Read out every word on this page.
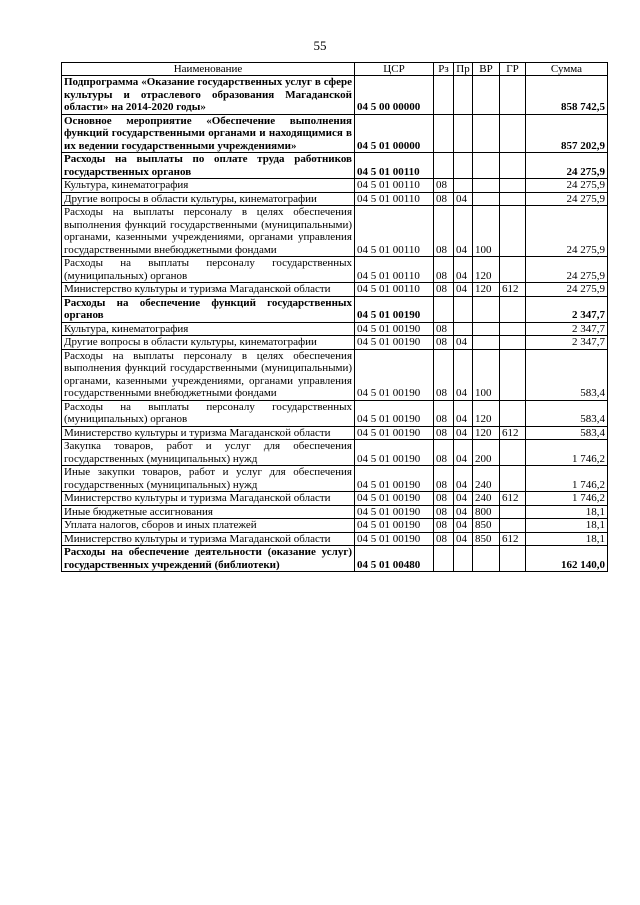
55
Наименование	ЦСР	Рз	Пр	ВР	ГР	Сумма
Подпрограмма «Оказание государственных услуг в сфере культуры и отраслевого образования Магаданской области» на 2014-2020 годы»	04 5 00 00000					858 742,5
Основное мероприятие «Обеспечение выполнения функций государственными органами и находящимися в их ведении государственными учреждениями»	04 5 01 00000					857 202,9
Расходы на выплаты по оплате труда работников государственных органов	04 5 01 00110					24 275,9
Культура, кинематография	04 5 01 00110	08				24 275,9
Другие вопросы в области культуры, кинематографии	04 5 01 00110	08	04			24 275,9
Расходы на выплаты персоналу в целях обеспечения выполнения функций государственными (муниципальными) органами, казенными учреждениями, органами управления государственными внебюджетными фондами	04 5 01 00110	08	04	100		24 275,9
Расходы на выплаты персоналу государственных (муниципальных) органов	04 5 01 00110	08	04	120		24 275,9
Министерство культуры и туризма Магаданской области	04 5 01 00110	08	04	120	612	24 275,9
Расходы на обеспечение функций государственных органов	04 5 01 00190					2 347,7
Культура, кинематография	04 5 01 00190	08				2 347,7
Другие вопросы в области культуры, кинематографии	04 5 01 00190	08	04			2 347,7
Расходы на выплаты персоналу в целях обеспечения выполнения функций государственными (муниципальными) органами, казенными учреждениями, органами управления государственными внебюджетными фондами	04 5 01 00190	08	04	100		583,4
Расходы на выплаты персоналу государственных (муниципальных) органов	04 5 01 00190	08	04	120		583,4
Министерство культуры и туризма Магаданской области	04 5 01 00190	08	04	120	612	583,4
Закупка товаров, работ и услуг для обеспечения государственных (муниципальных) нужд	04 5 01 00190	08	04	200		1 746,2
Иные закупки товаров, работ и услуг для обеспечения государственных (муниципальных) нужд	04 5 01 00190	08	04	240		1 746,2
Министерство культуры и туризма Магаданской области	04 5 01 00190	08	04	240	612	1 746,2
Иные бюджетные ассигнования	04 5 01 00190	08	04	800		18,1
Уплата налогов, сборов и иных платежей	04 5 01 00190	08	04	850		18,1
Министерство культуры и туризма Магаданской области	04 5 01 00190	08	04	850	612	18,1
Расходы на обеспечение деятельности (оказание услуг) государственных учреждений (библиотеки)	04 5 01 00480					162 140,0
